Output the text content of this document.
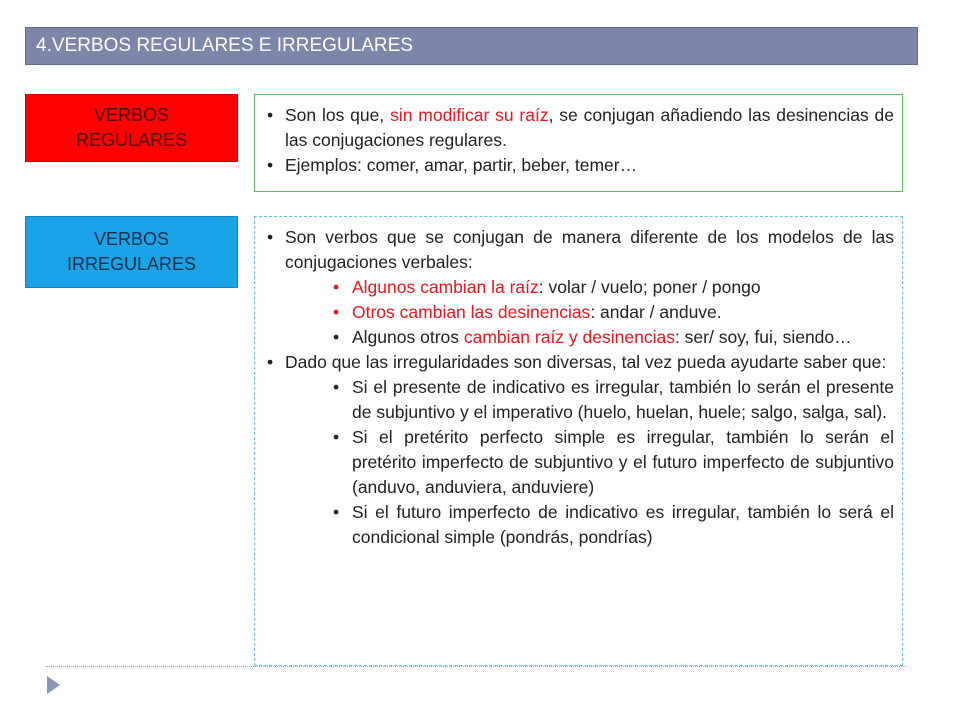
4.VERBOS REGULARES E IRREGULARES
VERBOS
REGULARES
• Son los que, sin modificar su raíz, se conjugan añadiendo las desinencias de las conjugaciones regulares.
• Ejemplos: comer, amar, partir, beber, temer…
VERBOS
IRREGULARES
• Son verbos que se conjugan de manera diferente de los modelos de las conjugaciones verbales:
• Algunos cambian la raíz: volar / vuelo; poner / pongo
• Otros cambian las desinencias: andar / anduve.
• Algunos otros cambian raíz y desinencias: ser/ soy, fui, siendo…
• Dado que las irregularidades son diversas, tal vez pueda ayudarte saber que:
• Si el presente de indicativo es irregular, también lo serán el presente de subjuntivo y el imperativo (huelo, huelan, huele; salgo, salga, sal).
• Si el pretérito perfecto simple es irregular, también lo serán el pretérito imperfecto de subjuntivo y el futuro imperfecto de subjuntivo (anduvo, anduviera, anduviere)
• Si el futuro imperfecto de indicativo es irregular, también lo será el condicional simple (pondrás, pondrías)
